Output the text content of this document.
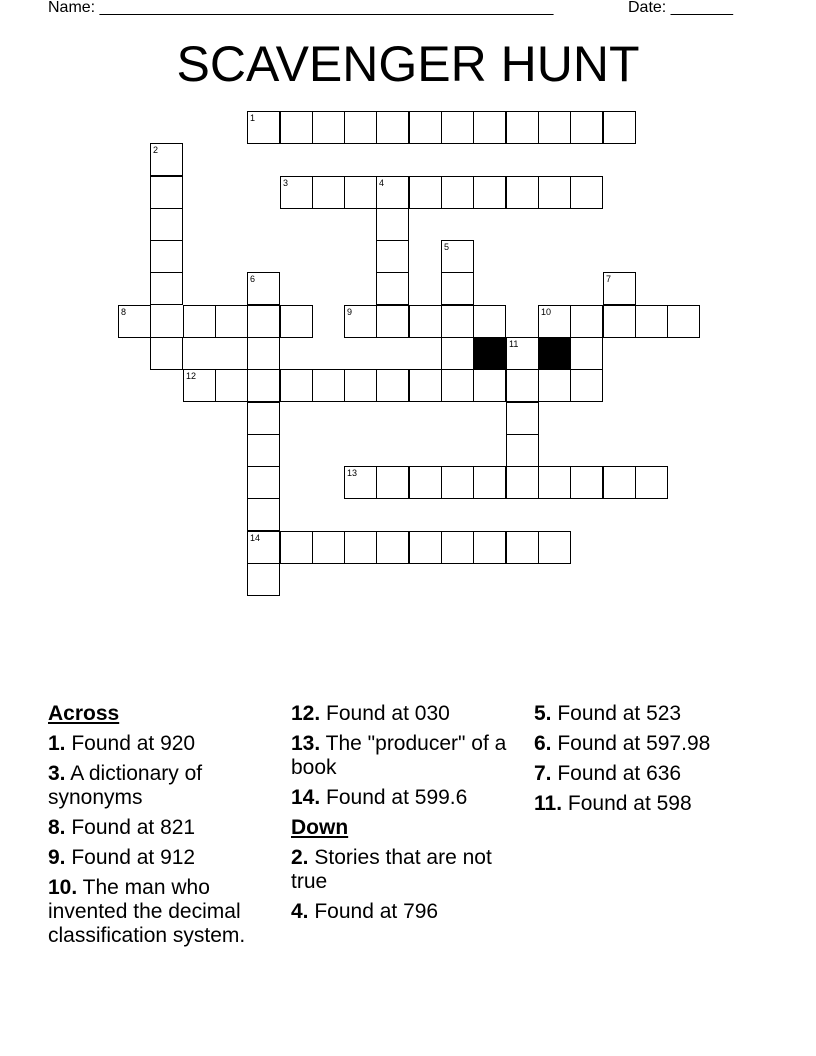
Name: ___________________________________________________	Date: _______
SCAVENGER HUNT
1
2
3	4
5
6	7
8	9	10
11
12
13
14
Across
1. Found at 920
3. A dictionary of synonyms
8. Found at 821
9. Found at 912
10. The man who invented the decimal classification system.
12. Found at 030
13. The "producer" of a book
14. Found at 599.6
Down
2. Stories that are not true
4. Found at 796
5. Found at 523
6. Found at 597.98
7. Found at 636
11. Found at 598
